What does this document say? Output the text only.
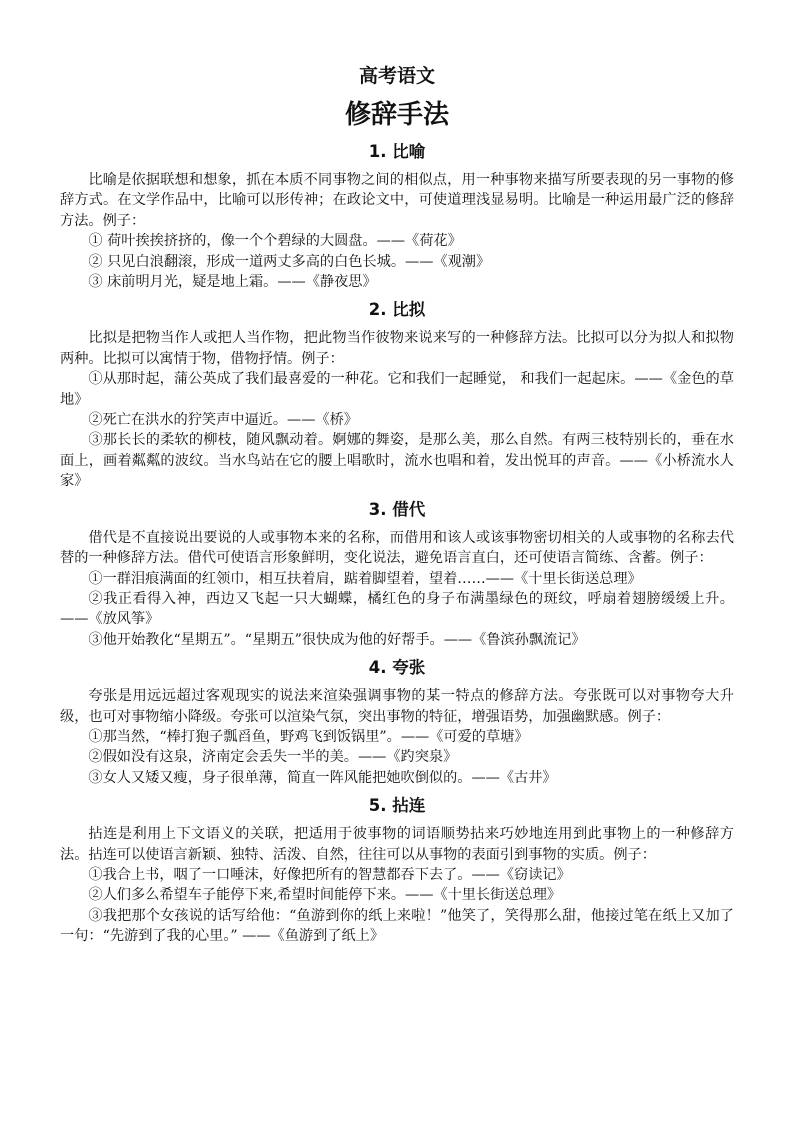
高考语文
修辞手法
1. 比喻

比喻是依据联想和想象，抓在本质不同事物之间的相似点，用一种事物来描写所要表现的另一事物的修辞方式。在文学作品中，比喻可以形传神；在政论文中，可使道理浅显易明。比喻是一种运用最广泛的修辞方法。例子：

① 荷叶挨挨挤挤的，像一个个碧绿的大圆盘。——《荷花》

② 只见白浪翻滚，形成一道两丈多高的白色长城。——《观潮》

③ 床前明月光，疑是地上霜。——《静夜思》

2. 比拟

比拟是把物当作人或把人当作物，把此物当作彼物来说来写的一种修辞方法。比拟可以分为拟人和拟物两种。比拟可以寓情于物，借物抒情。例子：

①从那时起，蒲公英成了我们最喜爱的一种花。它和我们一起睡觉， 和我们一起起床。——《金色的草地》

②死亡在洪水的狞笑声中逼近。——《桥》

③那长长的柔软的柳枝，随风飘动着。婀娜的舞姿，是那么美，那么自然。有两三枝特别长的，垂在水面上，画着粼粼的波纹。当水鸟站在它的腰上唱歌时，流水也唱和着，发出悦耳的声音。——《小桥流水人家》

3. 借代

借代是不直接说出要说的人或事物本来的名称，而借用和该人或该事物密切相关的人或事物的名称去代替的一种修辞方法。借代可使语言形象鲜明，变化说法，避免语言直白，还可使语言简练、含蓄。例子：

①一群泪痕满面的红领巾，相互扶着肩，踮着脚望着，望着……——《十里长街送总理》

②我正看得入神，西边又飞起一只大蝴蝶，橘红色的身子布满墨绿色的斑纹，呼扇着翅膀缓缓上升。——《放风筝》

③他开始教化“星期五”。“星期五”很快成为他的好帮手。——《鲁滨孙飘流记》

4. 夸张

夸张是用远远超过客观现实的说法来渲染强调事物的某一特点的修辞方法。夸张既可以对事物夸大升级，也可对事物缩小降级。夸张可以渲染气氛，突出事物的特征，增强语势，加强幽默感。例子：

①那当然，“棒打狍子瓢舀鱼，野鸡飞到饭锅里”。——《可爱的草塘》

②假如没有这泉，济南定会丢失一半的美。——《趵突泉》

③女人又矮又瘦，身子很单薄，简直一阵风能把她吹倒似的。——《古井》

5. 拈连

拈连是利用上下文语义的关联，把适用于彼事物的词语顺势拈来巧妙地连用到此事物上的一种修辞方法。拈连可以使语言新颖、独特、活泼、自然，往往可以从事物的表面引到事物的实质。例子：

①我合上书，咽了一口唾沫，好像把所有的智慧都吞下去了。——《窃读记》

②人们多么希望车子能停下来,希望时间能停下来。——《十里长街送总理》

③我把那个女孩说的话写给他：“鱼游到你的纸上来啦！”他笑了，笑得那么甜，他接过笔在纸上又加了一句：“先游到了我的心里。” ——《鱼游到了纸上》
